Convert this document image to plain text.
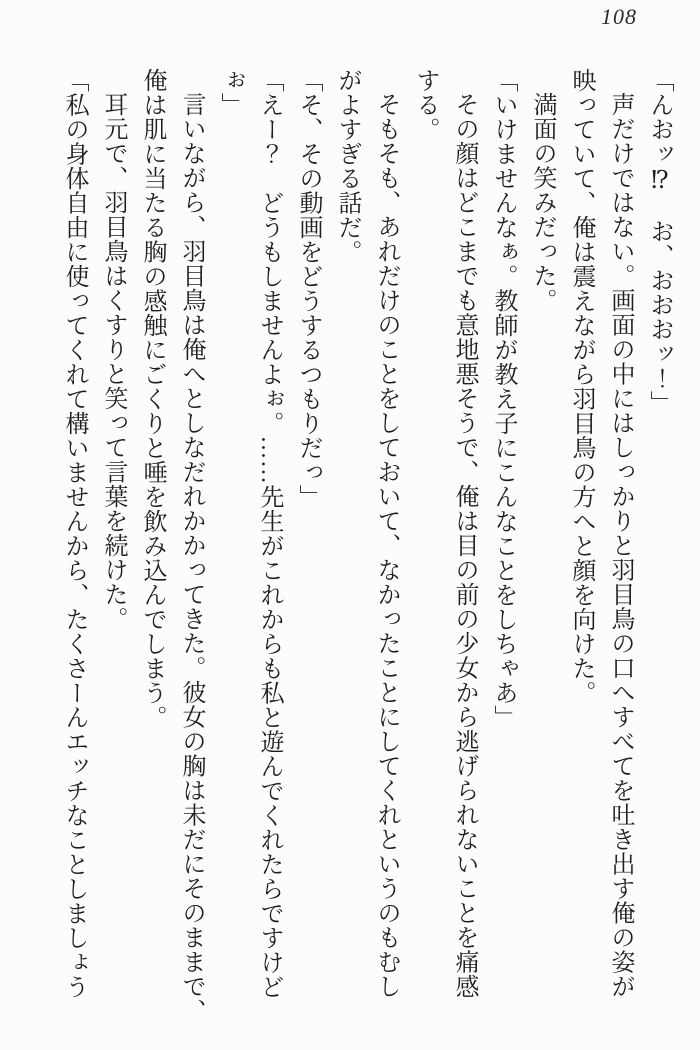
108

「んおッ⁉　お、おおおッ！」

声だけではない。画面の中にはしっかりと羽目鳥の口へすべてを吐き出す俺の姿が

映っていて、俺は震えながら羽目鳥の方へと顔を向けた。

満面の笑みだった。

「いけませんなぁ。教師が教え子にこんなことをしちゃあ」

その顔はどこまでも意地悪そうで、俺は目の前の少女から逃げられないことを痛感

する。

そもそも、あれだけのことをしておいて、なかったことにしてくれというのもむし

がよすぎる話だ。

「そ、その動画をどうするつもりだっ」

「えー？　どうもしませんよぉ。……先生がこれからも私と遊んでくれたらですけど

ぉ」

言いながら、羽目鳥は俺へとしなだれかかってきた。彼女の胸は未だにそのままで、

俺は肌に当たる胸の感触にごくりと唾を飲み込んでしまう。

耳元で、羽目鳥はくすりと笑って言葉を続けた。

「私の身体自由に使ってくれて構いませんから、たくさーんエッチなことしましょう
